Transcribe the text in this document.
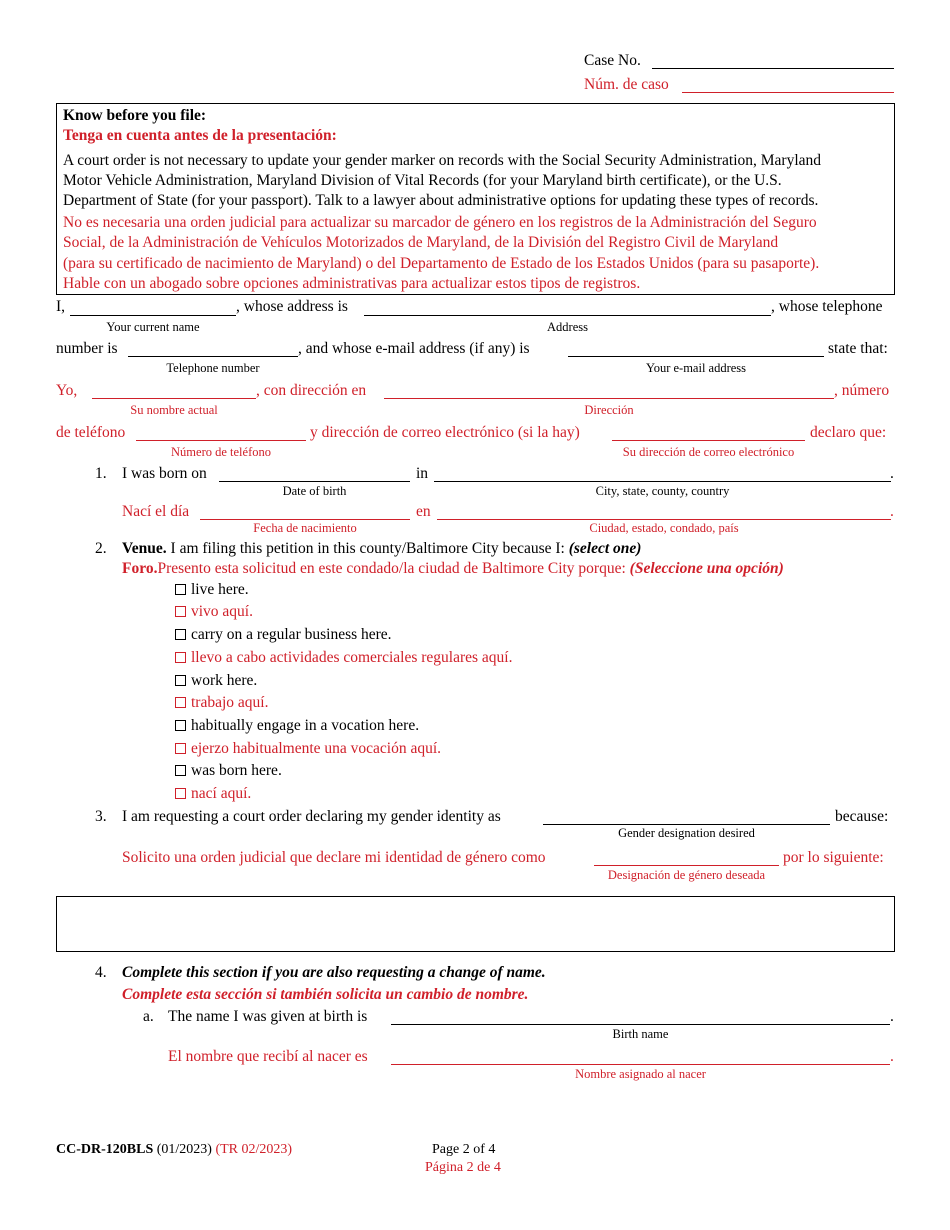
Case No.
Núm. de caso
Know before you file:
Tenga en cuenta antes de la presentación:
A court order is not necessary to update your gender marker on records with the Social Security Administration, Maryland
Motor Vehicle Administration, Maryland Division of Vital Records (for your Maryland birth certificate), or the U.S.
Department of State (for your passport). Talk to a lawyer about administrative options for updating these types of records.
No es necesaria una orden judicial para actualizar su marcador de género en los registros de la Administración del Seguro
Social, de la Administración de Vehículos Motorizados de Maryland, de la División del Registro Civil de Maryland
(para su certificado de nacimiento de Maryland) o del Departamento de Estado de los Estados Unidos (para su pasaporte).
Hable con un abogado sobre opciones administrativas para actualizar estos tipos de registros.
I,	, whose address is	, whose telephone
Your current name	Address
number is	, and whose e-mail address (if any) is	state that:
Telephone number	Your e-mail address
Yo,	, con dirección en	, número
Su nombre actual	Dirección
de teléfono	y dirección de correo electrónico (si la hay)	declaro que:
Número de teléfono	Su dirección de correo electrónico
1. I was born on	in	.
Date of birth	City, state, county, country
Nací el día	en	.
Fecha de nacimiento	Ciudad, estado, condado, país
2. Venue. I am filing this petition in this county/Baltimore City because I: (select one)
Foro.Presento esta solicitud en este condado/la ciudad de Baltimore City porque: (Seleccione una opción)
live here.
vivo aquí.
carry on a regular business here.
llevo a cabo actividades comerciales regulares aquí.
work here.
trabajo aquí.
habitually engage in a vocation here.
ejerzo habitualmente una vocación aquí.
was born here.
nací aquí.
3. I am requesting a court order declaring my gender identity as	because:
Gender designation desired
Solicito una orden judicial que declare mi identidad de género como	por lo siguiente:
Designación de género deseada
4. Complete this section if you are also requesting a change of name.
Complete esta sección si también solicita un cambio de nombre.
a. The name I was given at birth is	.
Birth name
El nombre que recibí al nacer es	.
Nombre asignado al nacer
CC-DR-120BLS (01/2023) (TR 02/2023)	Page 2 of 4
Página 2 de 4
